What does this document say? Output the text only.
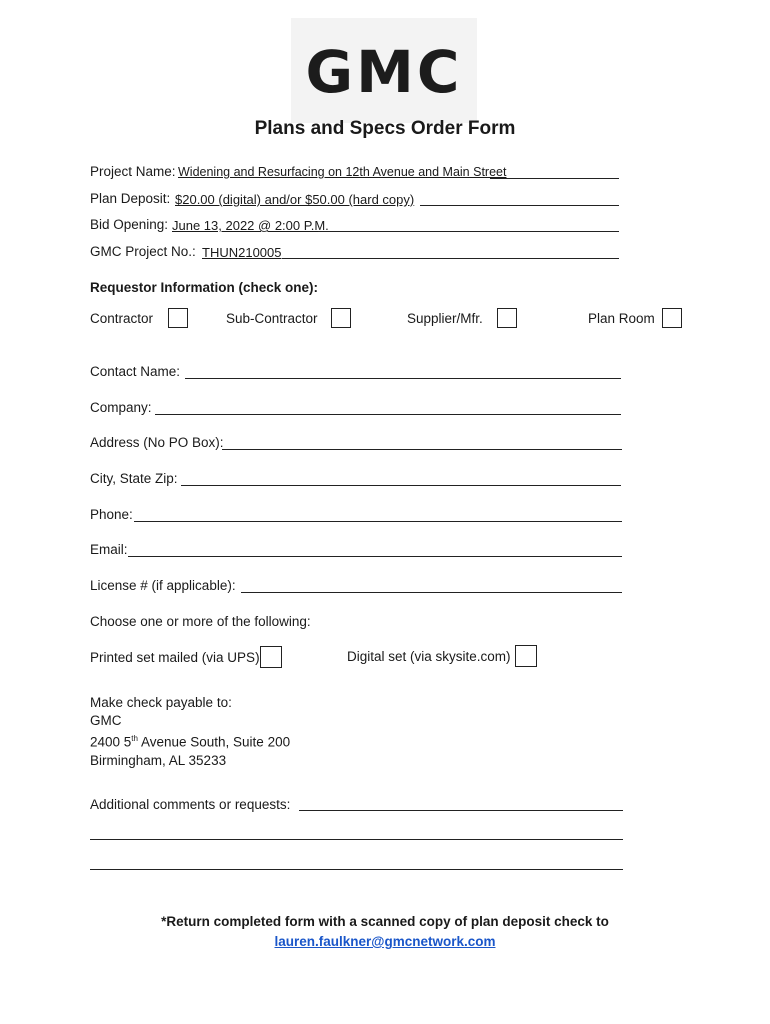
GMC
Plans and Specs Order Form
Project Name: Widening and Resurfacing on 12th Avenue and Main Street
Plan Deposit: $20.00 (digital) and/or $50.00 (hard copy)
Bid Opening: June 13, 2022 @ 2:00 P.M.
GMC Project No.: THUN210005
Requestor Information (check one):
Contractor	Sub-Contractor	Supplier/Mfr.	Plan Room
Contact Name:
Company:
Address (No PO Box):
City, State Zip:
Phone:
Email:
License # (if applicable):
Choose one or more of the following:
Printed set mailed (via UPS)	Digital set (via skysite.com)
Make check payable to:
GMC
2400 5th Avenue South, Suite 200
Birmingham, AL 35233
Additional comments or requests:
*Return completed form with a scanned copy of plan deposit check to
lauren.faulkner@gmcnetwork.com
